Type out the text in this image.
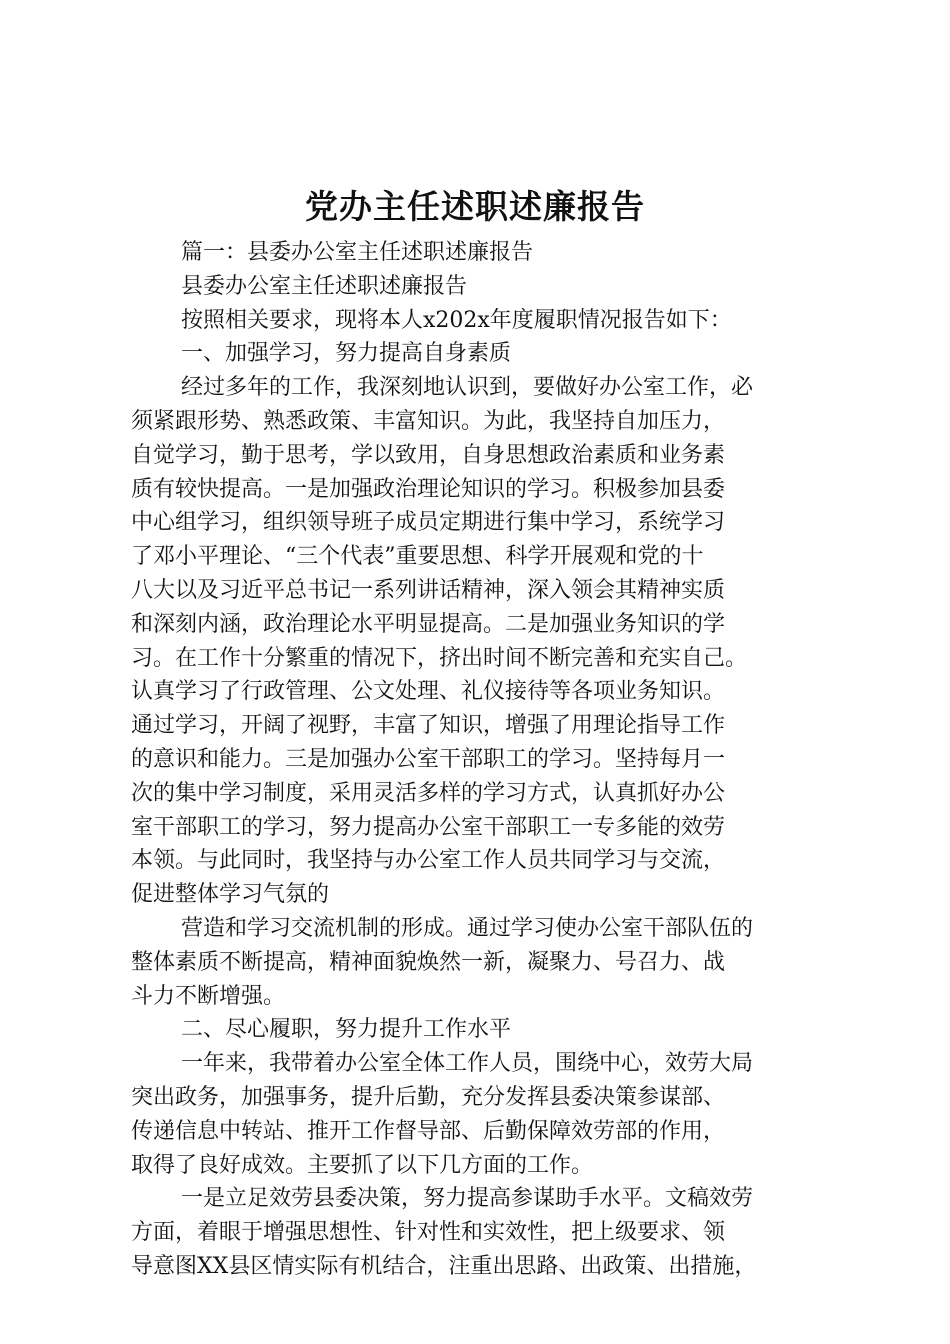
党办主任述职述廉报告
篇一：县委办公室主任述职述廉报告
县委办公室主任述职述廉报告
按照相关要求，现将本人x202x年度履职情况报告如下：
一、加强学习，努力提高自身素质
经过多年的工作，我深刻地认识到，要做好办公室工作，必
须紧跟形势、熟悉政策、丰富知识。为此，我坚持自加压力，
自觉学习，勤于思考，学以致用，自身思想政治素质和业务素
质有较快提高。一是加强政治理论知识的学习。积极参加县委
中心组学习，组织领导班子成员定期进行集中学习，系统学习
了邓小平理论、“三个代表”重要思想、科学开展观和党的十
八大以及习近平总书记一系列讲话精神，深入领会其精神实质
和深刻内涵，政治理论水平明显提高。二是加强业务知识的学
习。在工作十分繁重的情况下，挤出时间不断完善和充实自己。
认真学习了行政管理、公文处理、礼仪接待等各项业务知识。
通过学习，开阔了视野，丰富了知识，增强了用理论指导工作
的意识和能力。三是加强办公室干部职工的学习。坚持每月一
次的集中学习制度，采用灵活多样的学习方式，认真抓好办公
室干部职工的学习，努力提高办公室干部职工一专多能的效劳
本领。与此同时，我坚持与办公室工作人员共同学习与交流，
促进整体学习气氛的
营造和学习交流机制的形成。通过学习使办公室干部队伍的
整体素质不断提高，精神面貌焕然一新，凝聚力、号召力、战
斗力不断增强。
二、尽心履职，努力提升工作水平
一年来，我带着办公室全体工作人员，围绕中心，效劳大局
突出政务，加强事务，提升后勤，充分发挥县委决策参谋部、
传递信息中转站、推开工作督导部、后勤保障效劳部的作用，
取得了良好成效。主要抓了以下几方面的工作。
一是立足效劳县委决策，努力提高参谋助手水平。文稿效劳
方面，着眼于增强思想性、针对性和实效性，把上级要求、领
导意图XX县区情实际有机结合，注重出思路、出政策、出措施，
